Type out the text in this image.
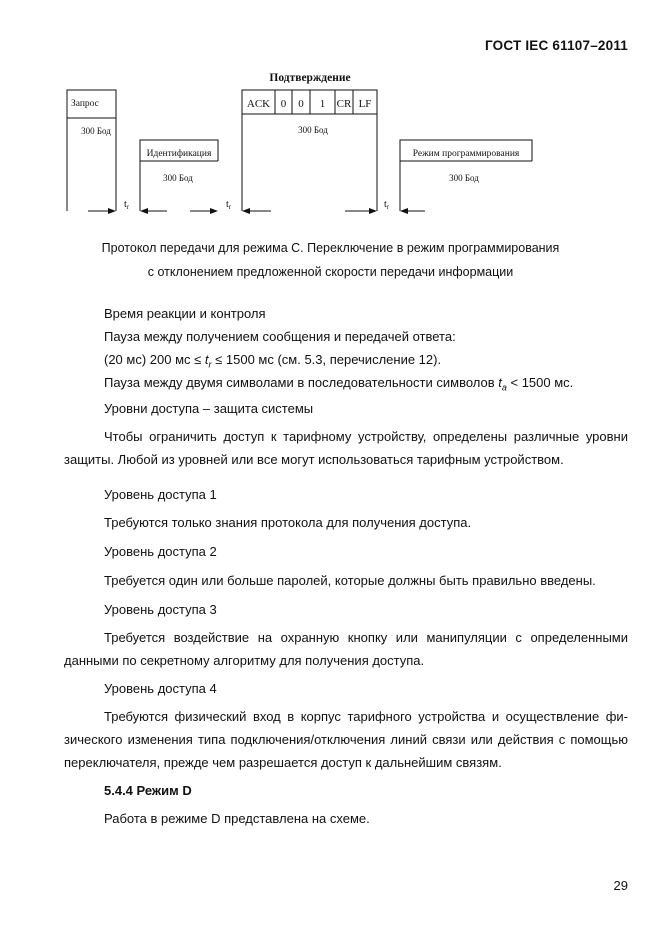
ГОСТ IEC 61107–2011
Подтверждение
ACK 0 0 1 CR LF
Запрос
300 Бод
Идентификация
300 Бод
300 Бод
Режим программирования
300 Бод
$t_r$	$t_r$	$t_r$
Протокол передачи для режима С. Переключение в режим программирования
с отклонением предложенной скорости передачи информации

Время реакции и контроля

Пауза между получением сообщения и передачей ответа:

(20 мс) 200 мс ≤ $t_r \le 1500$ мс (см. 5.3, перечисление 12).

Пауза между двумя символами в последовательности символов $t_a < 1500$ мс.

Уровни доступа – защита системы

Чтобы ограничить доступ к тарифному устройству, определены различные уровни защиты. Любой из уровней или все могут использоваться тарифным устройством.

Уровень доступа 1

Требуются только знания протокола для получения доступа.

Уровень доступа 2

Требуется один или больше паролей, которые должны быть правильно введены.

Уровень доступа 3

Требуется воздействие на охранную кнопку или манипуляции с определенными данными по секретному алгоритму для получения доступа.

Уровень доступа 4

Требуются физический вход в корпус тарифного устройства и осуществление фи-зического изменения типа подключения/отключения линий связи или действия с помощью переключателя, прежде чем разрешается доступ к дальнейшим связям.

5.4.4 Режим D

Работа в режиме D представлена на схеме.

29
